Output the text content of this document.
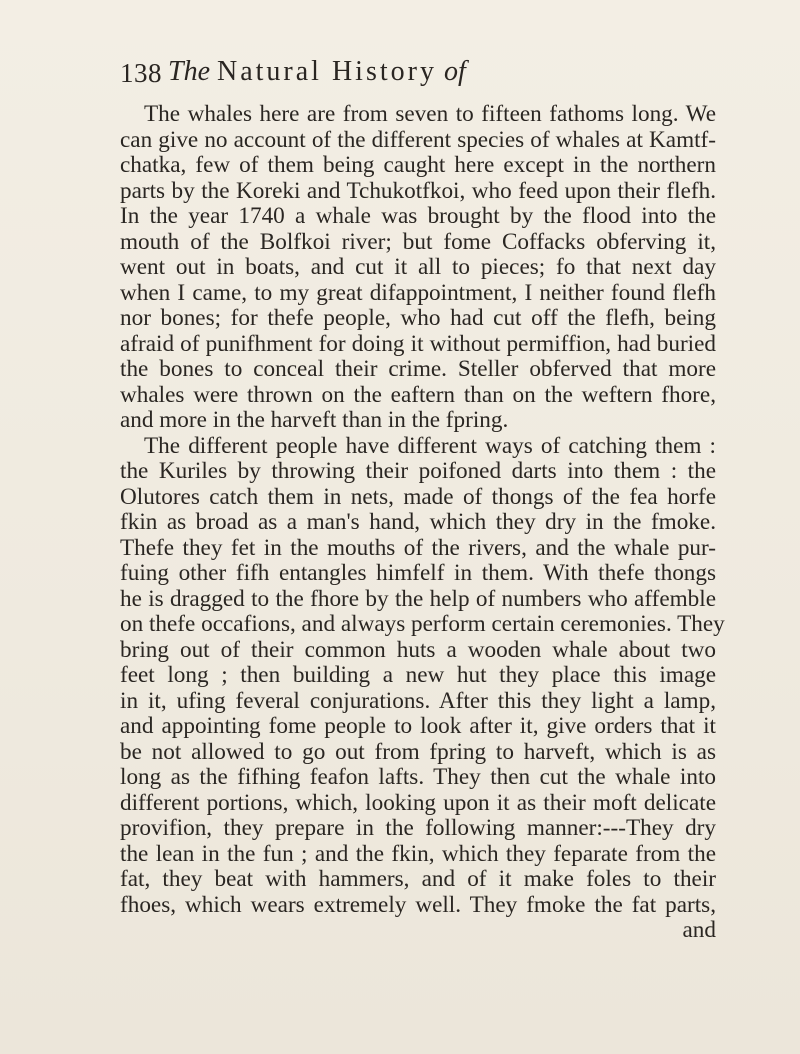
138 The Natural History of
The whales here are from seven to fifteen fathoms long. We
can give no account of the different species of whales at Kamtf-
chatka, few of them being caught here except in the northern
parts by the Koreki and Tchukotfkoi, who feed upon their flefh.
In the year 1740 a whale was brought by the flood into the
mouth of the Bolfkoi river; but fome Coffacks obferving it,
went out in boats, and cut it all to pieces; fo that next day
when I came, to my great difappointment, I neither found flefh
nor bones; for thefe people, who had cut off the flefh, being
afraid of punifhment for doing it without permiffion, had buried
the bones to conceal their crime. Steller obferved that more
whales were thrown on the eaftern than on the weftern fhore,
and more in the harveft than in the fpring.
The different people have different ways of catching them :
the Kuriles by throwing their poifoned darts into them : the
Olutores catch them in nets, made of thongs of the fea horfe
fkin as broad as a man's hand, which they dry in the fmoke.
Thefe they fet in the mouths of the rivers, and the whale pur-
fuing other fifh entangles himfelf in them. With thefe thongs
he is dragged to the fhore by the help of numbers who affemble
on thefe occafions, and always perform certain ceremonies. They
bring out of their common huts a wooden whale about two
feet long ; then building a new hut they place this image
in it, ufing feveral conjurations. After this they light a lamp,
and appointing fome people to look after it, give orders that it
be not allowed to go out from fpring to harveft, which is as
long as the fifhing feafon lafts. They then cut the whale into
different portions, which, looking upon it as their moft delicate
provifion, they prepare in the following manner:---They dry
the lean in the fun ; and the fkin, which they feparate from the
fat, they beat with hammers, and of it make foles to their
fhoes, which wears extremely well. They fmoke the fat parts,
and
